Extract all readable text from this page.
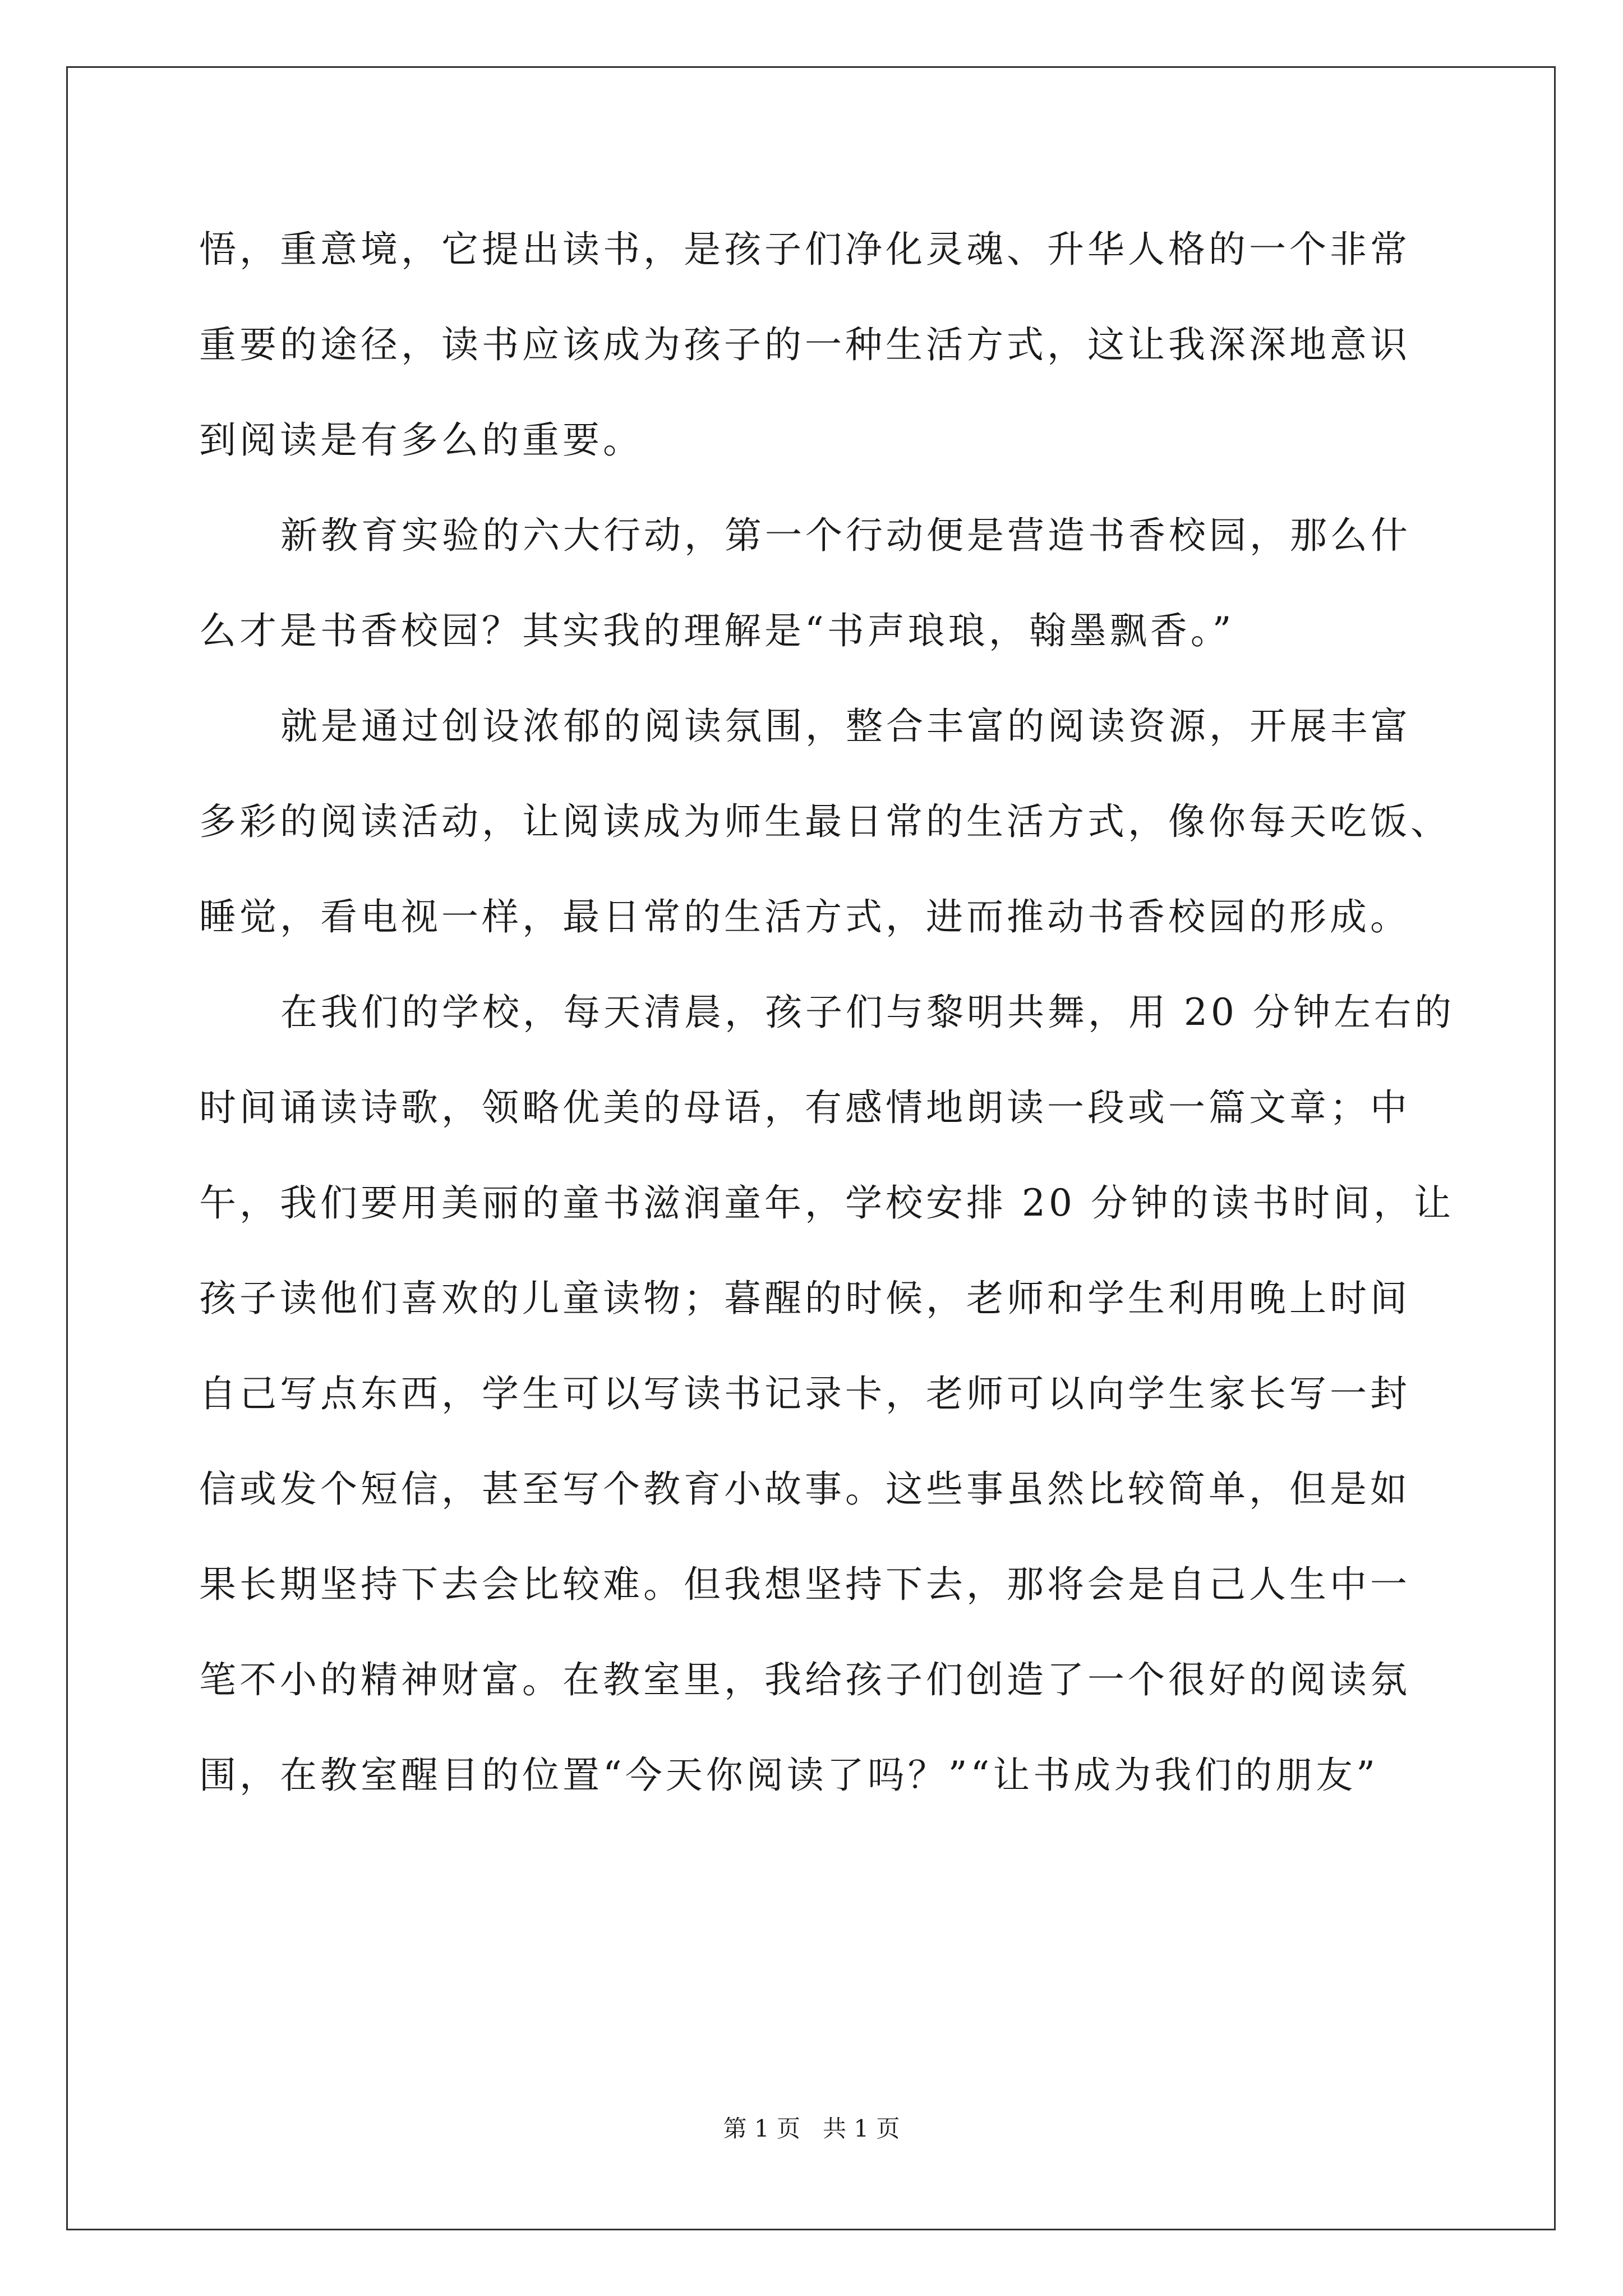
悟，重意境，它提出读书，是孩子们净化灵魂、升华人格的一个非常
重要的途径，读书应该成为孩子的一种生活方式，这让我深深地意识
到阅读是有多么的重要。
新教育实验的六大行动，第一个行动便是营造书香校园，那么什
么才是书香校园？其实我的理解是“书声琅琅，翰墨飘香。”
就是通过创设浓郁的阅读氛围，整合丰富的阅读资源，开展丰富
多彩的阅读活动，让阅读成为师生最日常的生活方式，像你每天吃饭、
睡觉，看电视一样，最日常的生活方式，进而推动书香校园的形成。
在我们的学校，每天清晨，孩子们与黎明共舞，用 20 分钟左右的
时间诵读诗歌，领略优美的母语，有感情地朗读一段或一篇文章；中
午，我们要用美丽的童书滋润童年，学校安排 20 分钟的读书时间，让
孩子读他们喜欢的儿童读物；暮醒的时候，老师和学生利用晚上时间
自己写点东西，学生可以写读书记录卡，老师可以向学生家长写一封
信或发个短信，甚至写个教育小故事。这些事虽然比较简单，但是如
果长期坚持下去会比较难。但我想坚持下去，那将会是自己人生中一
笔不小的精神财富。在教室里，我给孩子们创造了一个很好的阅读氛
围，在教室醒目的位置“今天你阅读了吗？”“让书成为我们的朋友”
第 1 页 共 1 页
